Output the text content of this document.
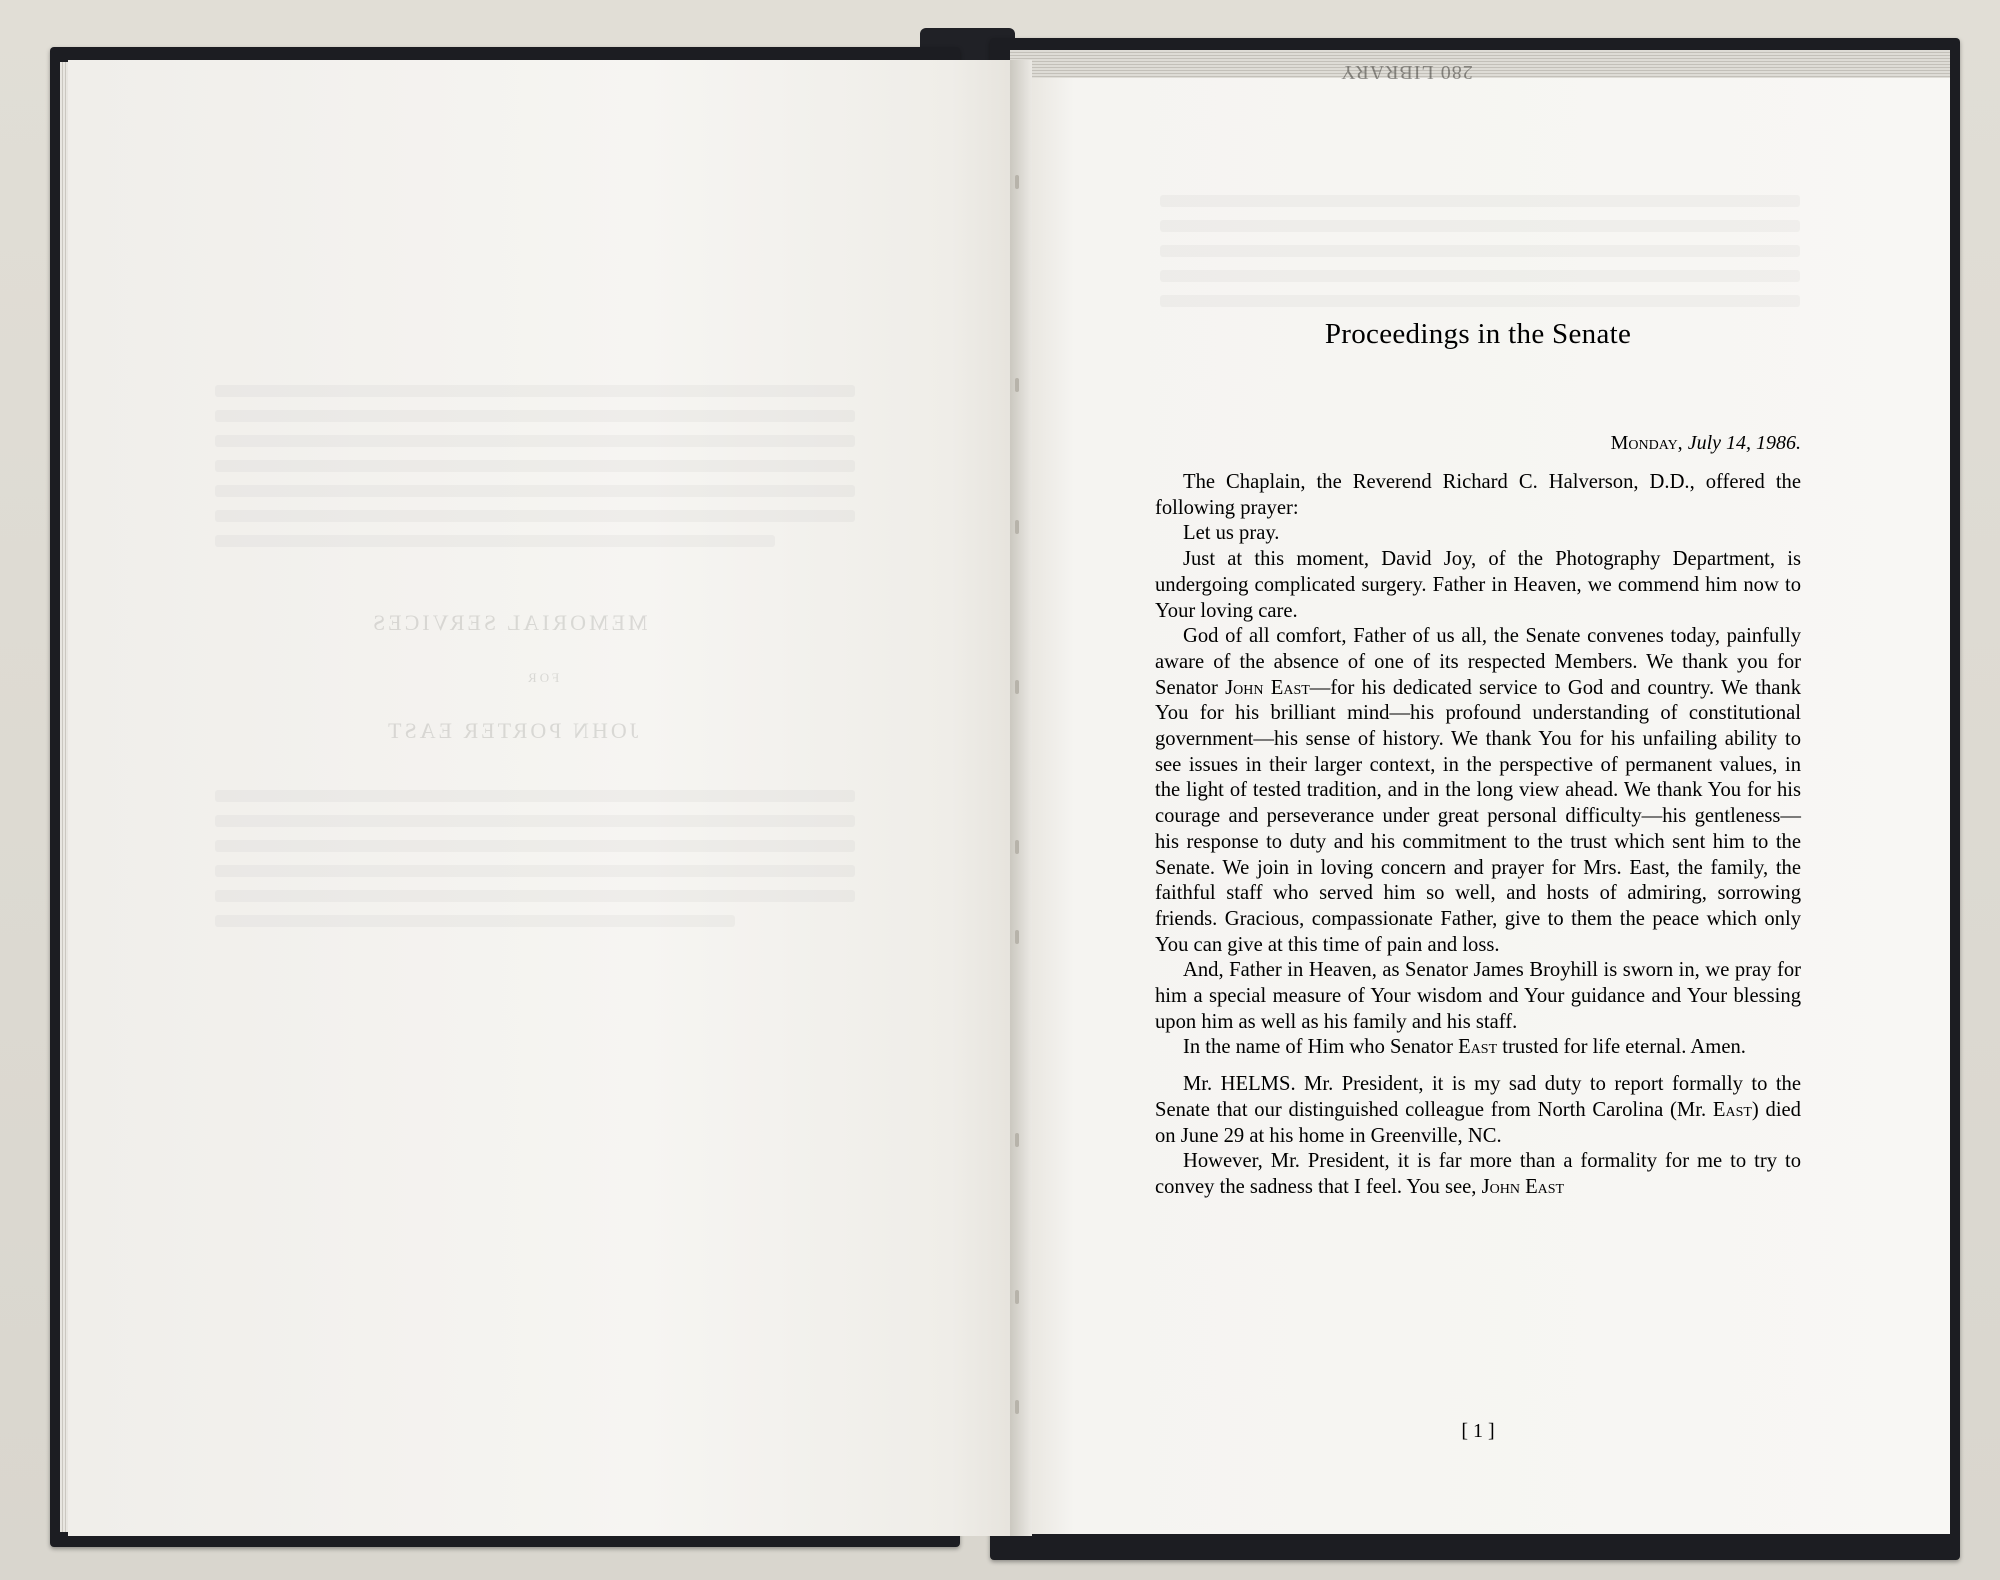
MEMORIAL SERVICES
FOR
JOHN PORTER EAST
280 LIBRARY
Proceedings in the Senate

Monday, July 14, 1986.

The Chaplain, the Reverend Richard C. Halverson, D.D., offered the following prayer:

Let us pray.

Just at this moment, David Joy, of the Photography Department, is undergoing complicated surgery. Father in Heaven, we commend him now to Your loving care.

God of all comfort, Father of us all, the Senate convenes today, painfully aware of the absence of one of its respected Members. We thank you for Senator John East—for his dedicated service to God and country. We thank You for his brilliant mind—his profound understanding of constitutional government—his sense of history. We thank You for his unfailing ability to see issues in their larger context, in the perspective of permanent values, in the light of tested tradition, and in the long view ahead. We thank You for his courage and perseverance under great personal difficulty—his gentleness—his response to duty and his commitment to the trust which sent him to the Senate. We join in loving concern and prayer for Mrs. East, the family, the faithful staff who served him so well, and hosts of admiring, sorrowing friends. Gracious, compassionate Father, give to them the peace which only You can give at this time of pain and loss.

And, Father in Heaven, as Senator James Broyhill is sworn in, we pray for him a special measure of Your wisdom and Your guidance and Your blessing upon him as well as his family and his staff.

In the name of Him who Senator East trusted for life eternal. Amen.

Mr. HELMS. Mr. President, it is my sad duty to report formally to the Senate that our distinguished colleague from North Carolina (Mr. East) died on June 29 at his home in Greenville, NC.

However, Mr. President, it is far more than a formality for me to try to convey the sadness that I feel. You see, John East

[ 1 ]
